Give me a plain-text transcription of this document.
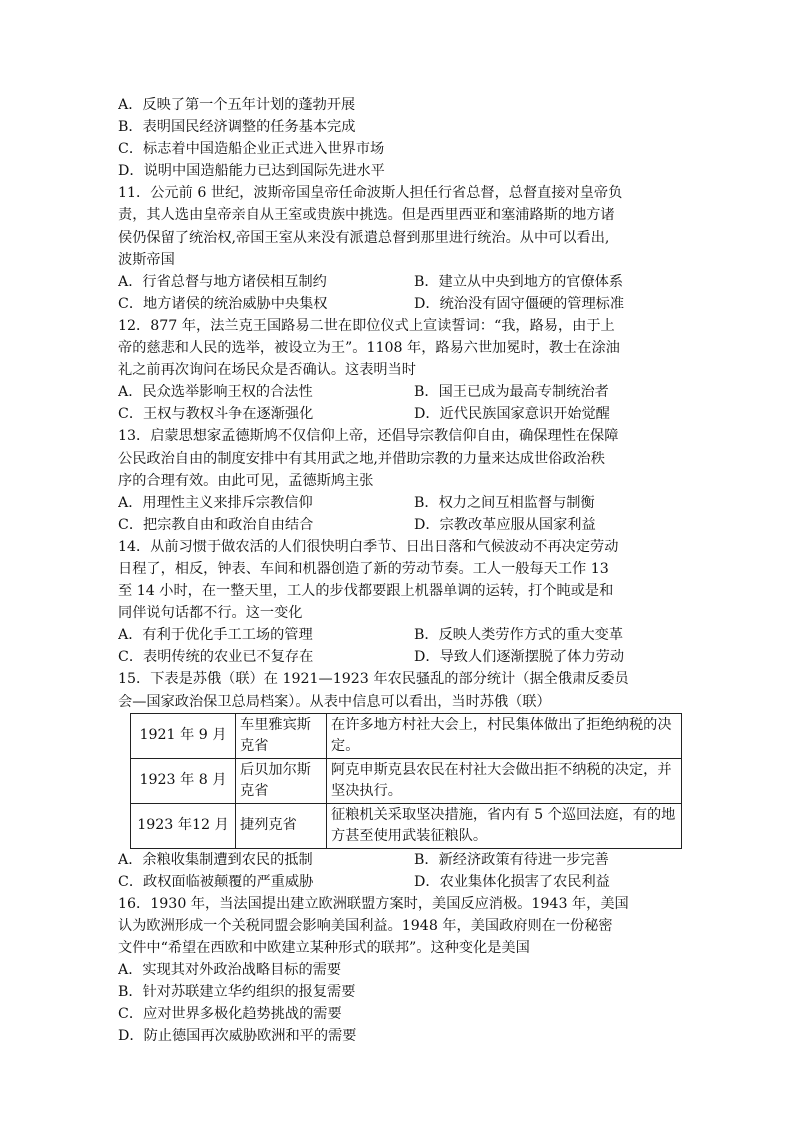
A．反映了第一个五年计划的蓬勃开展
B．表明国民经济调整的任务基本完成
C．标志着中国造船企业正式进入世界市场
D．说明中国造船能力已达到国际先进水平
11．公元前 6 世纪，波斯帝国皇帝任命波斯人担任行省总督，总督直接对皇帝负
责，其人选由皇帝亲自从王室或贵族中挑选。但是西里西亚和塞浦路斯的地方诸
侯仍保留了统治权,帝国王室从来没有派遣总督到那里进行统治。从中可以看出,
波斯帝国
A．行省总督与地方诸侯相互制约	B．建立从中央到地方的官僚体系
C．地方诸侯的统治威胁中央集权	D．统治没有固守僵硬的管理标准
12．877 年，法兰克王国路易二世在即位仪式上宣读誓词：“我，路易，由于上
帝的慈悲和人民的选举，被设立为王”。1108 年，路易六世加冕时，教士在涂油
礼之前再次询问在场民众是否确认。这表明当时
A．民众选举影响王权的合法性	B．国王已成为最高专制统治者
C．王权与教权斗争在逐渐强化	D．近代民族国家意识开始觉醒
13．启蒙思想家孟德斯鸠不仅信仰上帝，还倡导宗教信仰自由，确保理性在保障
公民政治自由的制度安排中有其用武之地,并借助宗教的力量来达成世俗政治秩
序的合理有效。由此可见，孟德斯鸠主张
A．用理性主义来排斥宗教信仰	B．权力之间互相监督与制衡
C．把宗教自由和政治自由结合	D．宗教改革应服从国家利益
14．从前习惯于做农活的人们很快明白季节、日出日落和气候波动不再决定劳动
日程了，相反，钟表、车间和机器创造了新的劳动节奏。工人一般每天工作 13
至 14 小时，在一整天里，工人的步伐都要跟上机器单调的运转，打个盹或是和
同伴说句话都不行。这一变化
A．有利于优化手工工场的管理	B．反映人类劳作方式的重大变革
C．表明传统的农业已不复存在	D．导致人们逐渐摆脱了体力劳动
15．下表是苏俄（联）在 1921—1923 年农民骚乱的部分统计（据全俄肃反委员
会—国家政治保卫总局档案）。从表中信息可以看出，当时苏俄（联）
1921 年 9 月	车里雅宾斯克省	在许多地方村社大会上，村民集体做出了拒绝纳税的决定。
1923 年 8 月	后贝加尔斯克省	阿克申斯克县农民在村社大会做出拒不纳税的决定，并坚决执行。
1923 年12 月	捷列克省	征粮机关采取坚决措施，省内有 5 个巡回法庭，有的地方甚至使用武装征粮队。
A．余粮收集制遭到农民的抵制	B．新经济政策有待进一步完善
C．政权面临被颠覆的严重威胁	D．农业集体化损害了农民利益
16．1930 年，当法国提出建立欧洲联盟方案时，美国反应消极。1943 年，美国
认为欧洲形成一个关税同盟会影响美国利益。1948 年，美国政府则在一份秘密
文件中“希望在西欧和中欧建立某种形式的联邦”。这种变化是美国
A．实现其对外政治战略目标的需要
B．针对苏联建立华约组织的报复需要
C．应对世界多极化趋势挑战的需要
D．防止德国再次威胁欧洲和平的需要
